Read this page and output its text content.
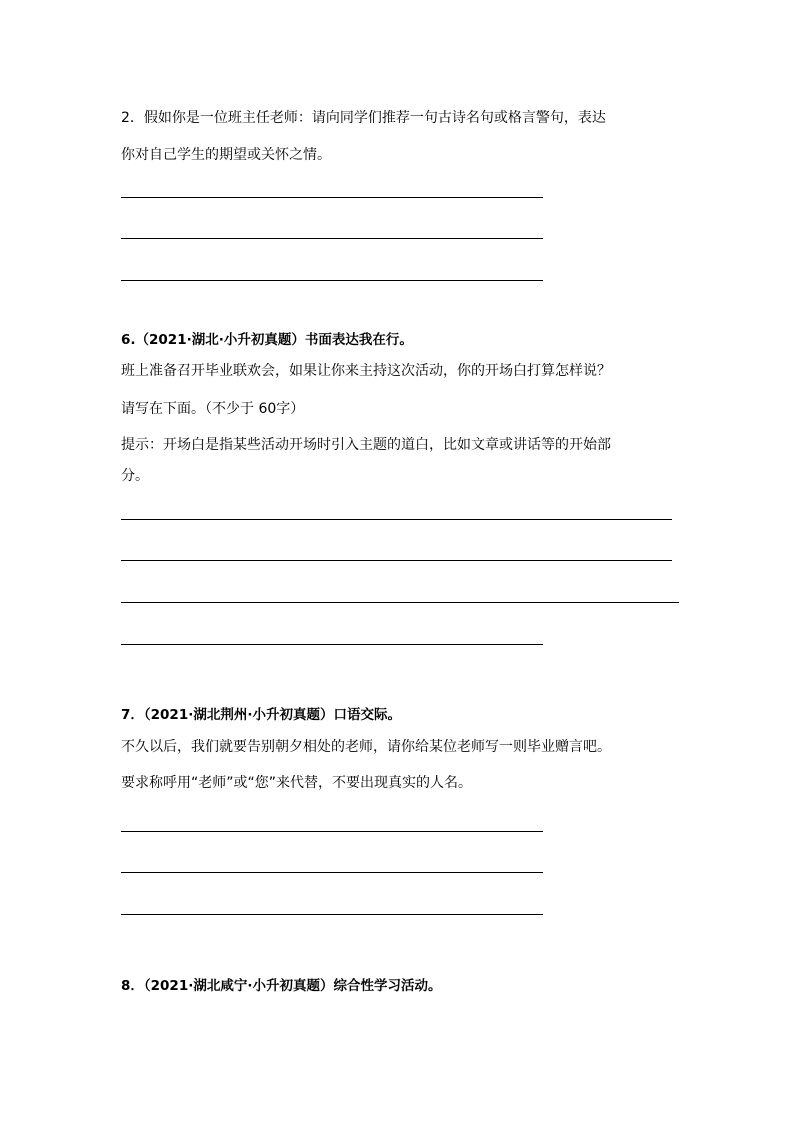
2．假如你是一位班主任老师：请向同学们推荐一句古诗名句或格言警句，表达
你对自己学生的期望或关怀之情。
6.（2021·湖北·小升初真题）书面表达我在行。
班上准备召开毕业联欢会，如果让你来主持这次活动，你的开场白打算怎样说？
请写在下面。（不少于 60字）
提示：开场白是指某些活动开场时引入主题的道白，比如文章或讲话等的开始部
分。
7．（2021·湖北荆州·小升初真题）口语交际。
不久以后，我们就要告别朝夕相处的老师，请你给某位老师写一则毕业赠言吧。
要求称呼用“老师”或“您”来代替，不要出现真实的人名。
8．（2021·湖北咸宁·小升初真题）综合性学习活动。
